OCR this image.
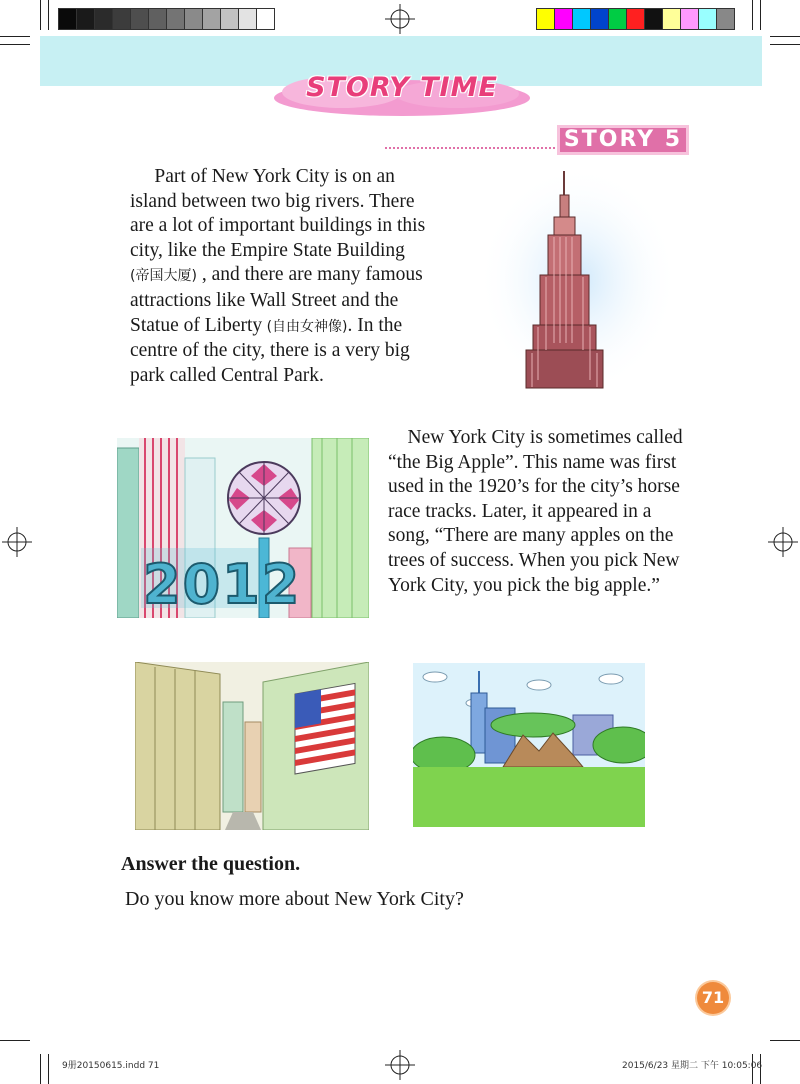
STORY TIME
STORY 5
Part of New York City is on an
island between two big rivers. There
are a lot of important buildings in this
city, like the Empire State Building
(帝国大厦) , and there are many famous
attractions like Wall Street and the
Statue of Liberty (自由女神像). In the
centre of the city, there is a very big
park called Central Park.
New York City is sometimes called
“the Big Apple”. This name was first
used in the 1920’s for the city’s horse
race tracks. Later, it appeared in a
song, “There are many apples on the
trees of success. When you pick New
York City, you pick the big apple.”
2012
Answer the question.
Do you know more about New York City?
71
9册20150615.indd 71	2015/6/23 星期二 下午 10:05:06
